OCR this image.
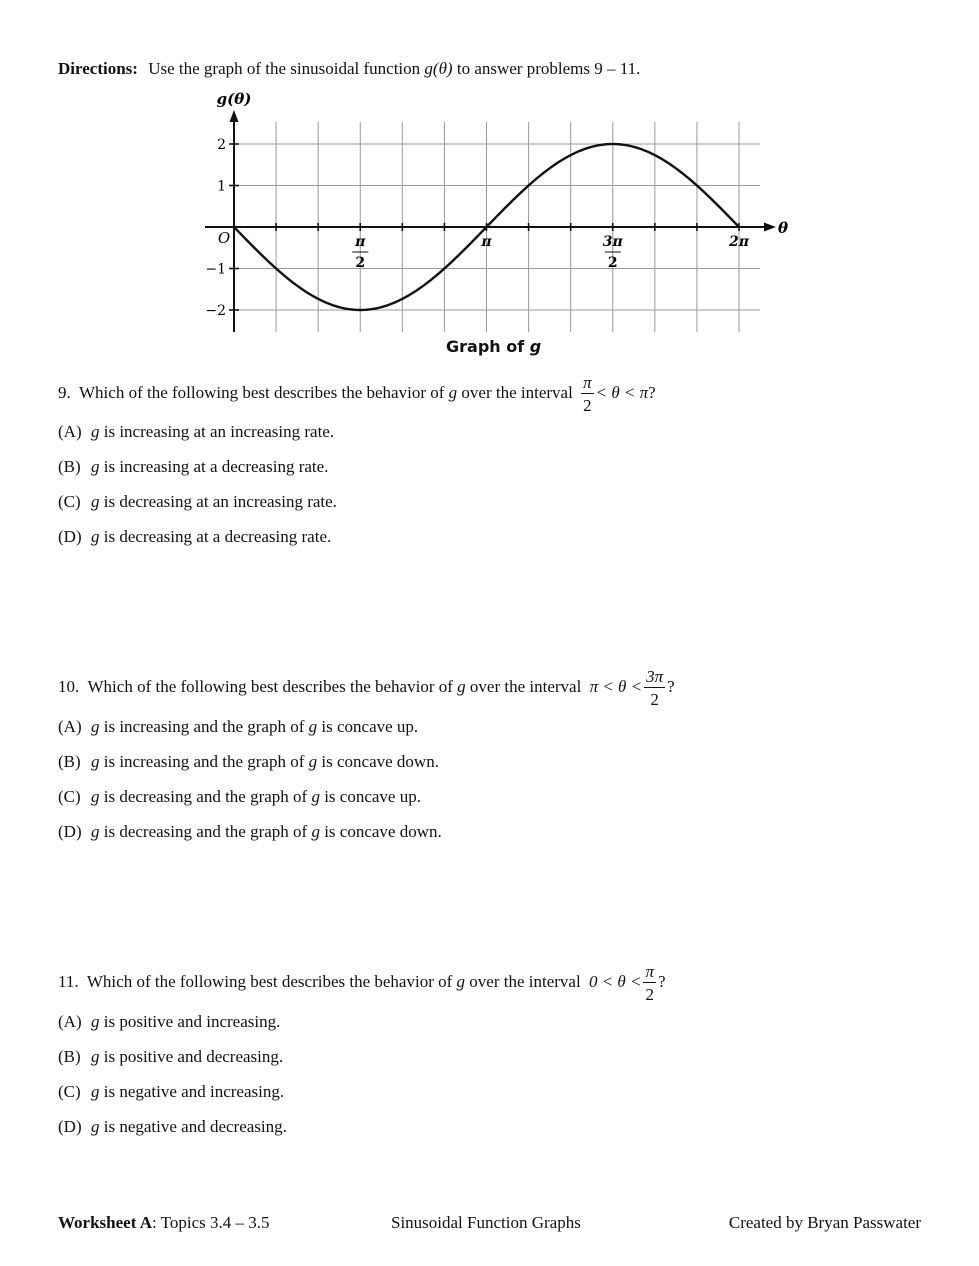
Directions: Use the graph of the sinusoidal function g(θ) to answer problems 9 – 11.
g(θ)
θ
O
2
1
−1
−2
π
2
π	3π
2
2π
Graph of g
9. Which of the following best describes the behavior of g over the interval $\frac{\pi}{2} < \theta < \pi$?
(A) g is increasing at an increasing rate.
(B) g is increasing at a decreasing rate.
(C) g is decreasing at an increasing rate.
(D) g is decreasing at a decreasing rate.
10. Which of the following best describes the behavior of g over the interval $\pi < \theta < \frac{3\pi}{2}$ ?
(A) g is increasing and the graph of g is concave up.
(B) g is increasing and the graph of g is concave down.
(C) g is decreasing and the graph of g is concave up.
(D) g is decreasing and the graph of g is concave down.
11. Which of the following best describes the behavior of g over the interval $0 < \theta < \frac{\pi}{2}$ ?
(A) g is positive and increasing.
(B) g is positive and decreasing.
(C) g is negative and increasing.
(D) g is negative and decreasing.
Worksheet A: Topics 3.4 – 3.5	Sinusoidal Function Graphs	Created by Bryan Passwater
